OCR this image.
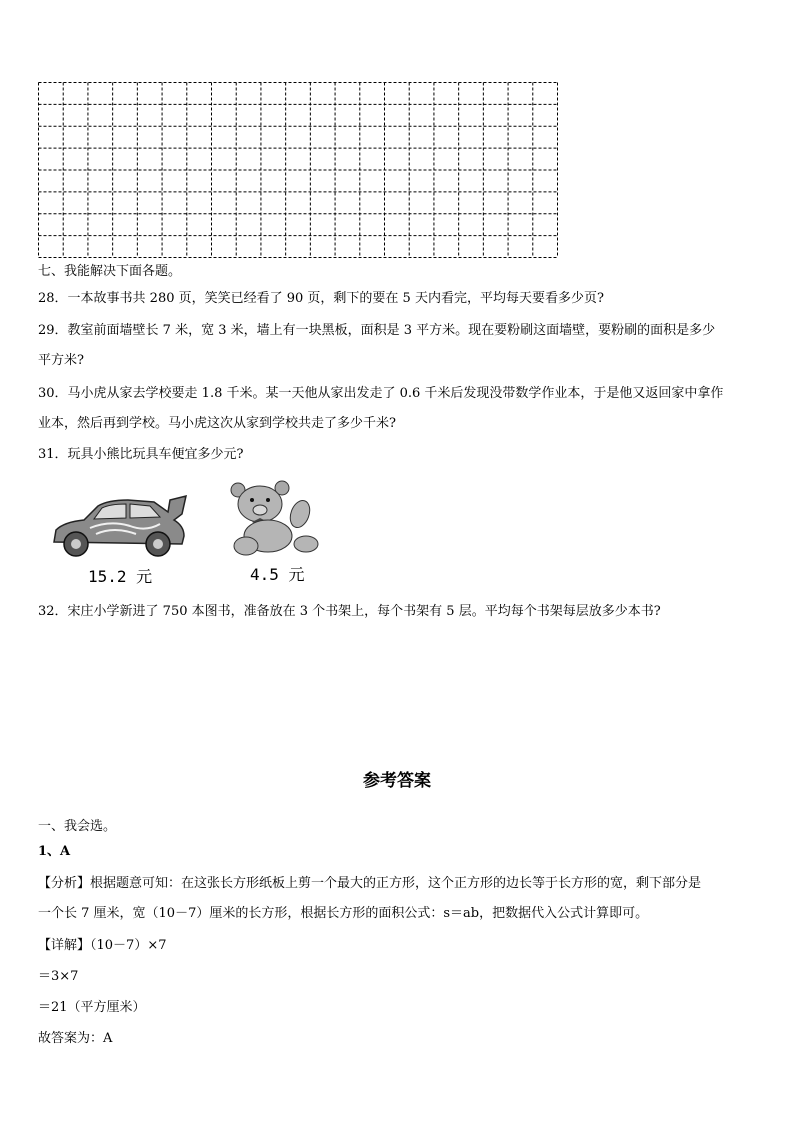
七、我能解决下面各题。
28．一本故事书共 280 页，笑笑已经看了 90 页，剩下的要在 5 天内看完，平均每天要看多少页?
29．教室前面墙壁长 7 米，宽 3 米，墙上有一块黑板，面积是 3 平方米。现在要粉刷这面墙壁，要粉刷的面积是多少
平方米?
30．马小虎从家去学校要走 1.8 千米。某一天他从家出发走了 0.6 千米后发现没带数学作业本，于是他又返回家中拿作
业本，然后再到学校。马小虎这次从家到学校共走了多少千米?
31．玩具小熊比玩具车便宜多少元?
15.2 元	4.5 元
32．宋庄小学新进了 750 本图书，准备放在 3 个书架上，每个书架有 5 层。平均每个书架每层放多少本书?
参考答案
一、我会选。
1、A
【分析】根据题意可知：在这张长方形纸板上剪一个最大的正方形，这个正方形的边长等于长方形的宽，剩下部分是
一个长 7 厘米，宽（10－7）厘米的长方形，根据长方形的面积公式：s＝ab，把数据代入公式计算即可。
【详解】（10－7）×7
＝3×7
＝21（平方厘米）
故答案为：A
